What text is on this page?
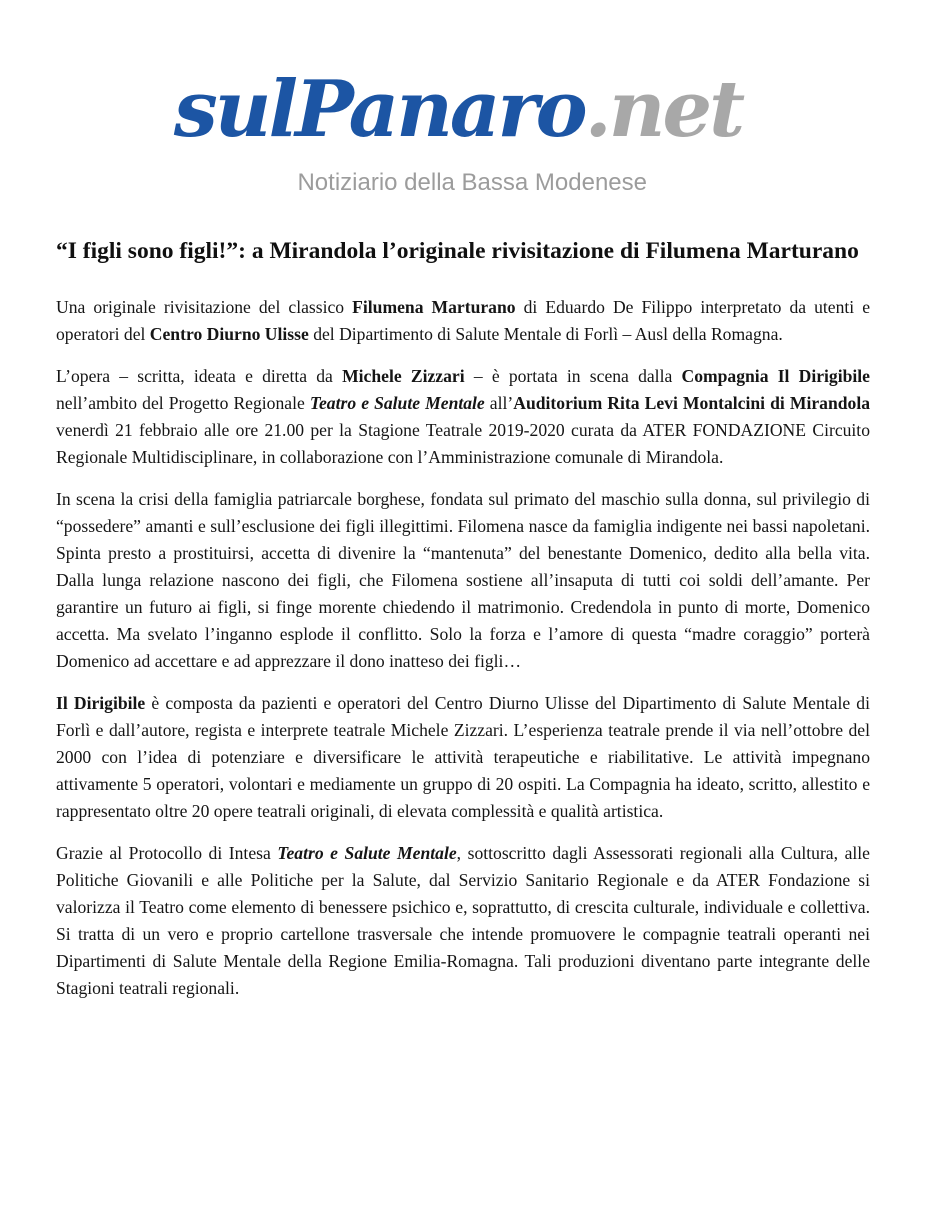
sulPanaro .net
Notiziario della Bassa Modenese
“I figli sono figli!”: a Mirandola l’originale rivisitazione di Filumena Marturano

Una originale rivisitazione del classico Filumena Marturano di Eduardo De Filippo interpretato da utenti e operatori del Centro Diurno Ulisse del Dipartimento di Salute Mentale di Forlì – Ausl della Romagna.

L’opera – scritta, ideata e diretta da Michele Zizzari – è portata in scena dalla Compagnia Il Dirigibile nell’ambito del Progetto Regionale Teatro e Salute Mentale all’Auditorium Rita Levi Montalcini di Mirandola venerdì 21 febbraio alle ore 21.00 per la Stagione Teatrale 2019-2020 curata da ATER FONDAZIONE Circuito Regionale Multidisciplinare, in collaborazione con l’Amministrazione comunale di Mirandola.

In scena la crisi della famiglia patriarcale borghese, fondata sul primato del maschio sulla donna, sul privilegio di “possedere” amanti e sull’esclusione dei figli illegittimi. Filomena nasce da famiglia indigente nei bassi napoletani. Spinta presto a prostituirsi, accetta di divenire la “mantenuta” del benestante Domenico, dedito alla bella vita. Dalla lunga relazione nascono dei figli, che Filomena sostiene all’insaputa di tutti coi soldi dell’amante. Per garantire un futuro ai figli, si finge morente chiedendo il matrimonio. Credendola in punto di morte, Domenico accetta. Ma svelato l’inganno esplode il conflitto. Solo la forza e l’amore di questa “madre coraggio” porterà Domenico ad accettare e ad apprezzare il dono inatteso dei figli…

Il Dirigibile è composta da pazienti e operatori del Centro Diurno Ulisse del Dipartimento di Salute Mentale di Forlì e dall’autore, regista e interprete teatrale Michele Zizzari. L’esperienza teatrale prende il via nell’ottobre del 2000 con l’idea di potenziare e diversificare le attività terapeutiche e riabilitative. Le attività impegnano attivamente 5 operatori, volontari e mediamente un gruppo di 20 ospiti. La Compagnia ha ideato, scritto, allestito e rappresentato oltre 20 opere teatrali originali, di elevata complessità e qualità artistica.

Grazie al Protocollo di Intesa Teatro e Salute Mentale, sottoscritto dagli Assessorati regionali alla Cultura, alle Politiche Giovanili e alle Politiche per la Salute, dal Servizio Sanitario Regionale e da ATER Fondazione si valorizza il Teatro come elemento di benessere psichico e, soprattutto, di crescita culturale, individuale e collettiva. Si tratta di un vero e proprio cartellone trasversale che intende promuovere le compagnie teatrali operanti nei Dipartimenti di Salute Mentale della Regione Emilia-Romagna. Tali produzioni diventano parte integrante delle Stagioni teatrali regionali.
